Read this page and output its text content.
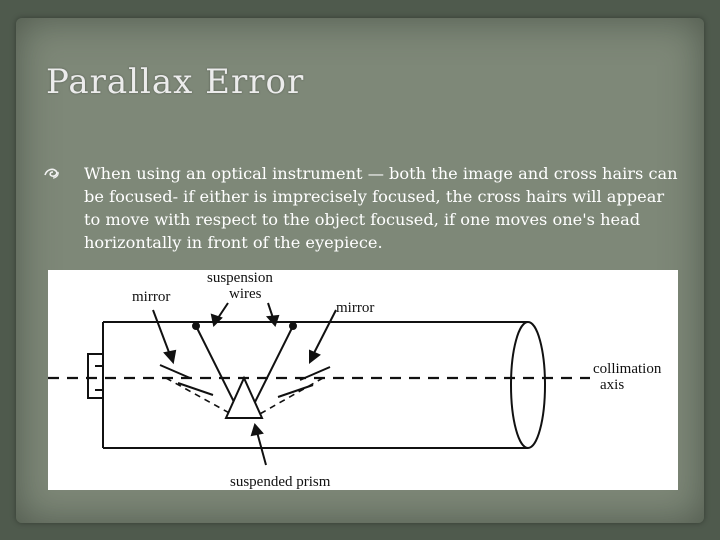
Parallax Error
When using an optical instrument — both the image and cross hairs can be focused- if either is imprecisely focused, the cross hairs will appear to move with respect to the object focused, if one moves one's head horizontally in front of the eyepiece.
mirror
suspension
wires
mirror
collimation
axis
suspended prism
